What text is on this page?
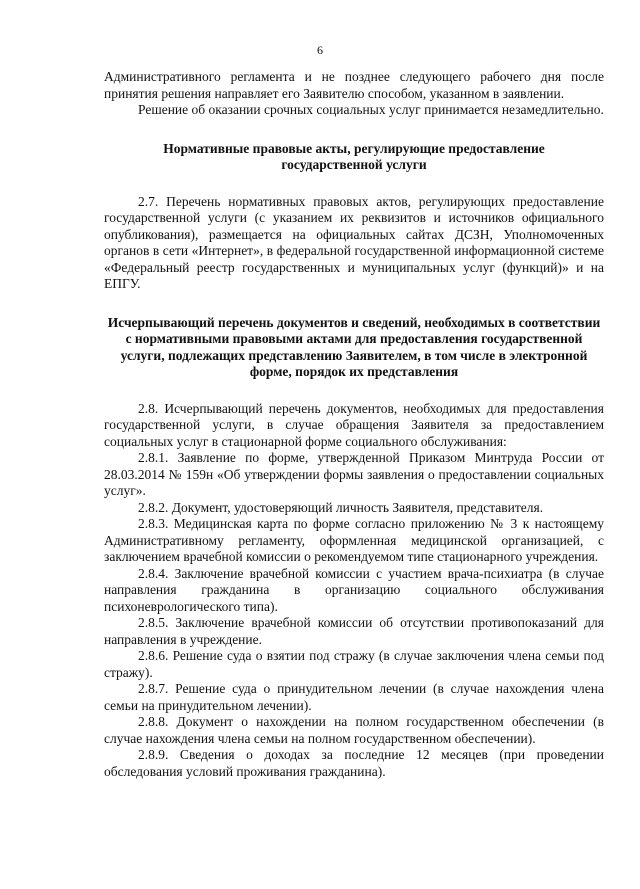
6

Административного регламента и не позднее следующего рабочего дня после принятия решения направляет его Заявителю способом, указанном в заявлении.

Решение об оказании срочных социальных услуг принимается незамедлительно.

Нормативные правовые акты, регулирующие предоставление государственной услуги

2.7. Перечень нормативных правовых актов, регулирующих предоставление государственной услуги (с указанием их реквизитов и источников официального опубликования), размещается на официальных сайтах ДСЗН, Уполномоченных органов в сети «Интернет», в федеральной государственной информационной системе «Федеральный реестр государственных и муниципальных услуг (функций)» и на ЕПГУ.

Исчерпывающий перечень документов и сведений, необходимых в соответствии с нормативными правовыми актами для предоставления государственной услуги, подлежащих представлению Заявителем, в том числе в электронной форме, порядок их представления

2.8. Исчерпывающий перечень документов, необходимых для предоставления государственной услуги, в случае обращения Заявителя за предоставлением социальных услуг в стационарной форме социального обслуживания:

2.8.1. Заявление по форме, утвержденной Приказом Минтруда России от 28.03.2014 № 159н «Об утверждении формы заявления о предоставлении социальных услуг».

2.8.2. Документ, удостоверяющий личность Заявителя, представителя.

2.8.3. Медицинская карта по форме согласно приложению № 3 к настоящему Административному регламенту, оформленная медицинской организацией, с заключением врачебной комиссии о рекомендуемом типе стационарного учреждения.

2.8.4. Заключение врачебной комиссии с участием врача-психиатра (в случае направления гражданина в организацию социального обслуживания психоневрологического типа).

2.8.5. Заключение врачебной комиссии об отсутствии противопоказаний для направления в учреждение.

2.8.6. Решение суда о взятии под стражу (в случае заключения члена семьи под стражу).

2.8.7. Решение суда о принудительном лечении (в случае нахождения члена семьи на принудительном лечении).

2.8.8. Документ о нахождении на полном государственном обеспечении (в случае нахождения члена семьи на полном государственном обеспечении).

2.8.9. Сведения о доходах за последние 12 месяцев (при проведении обследования условий проживания гражданина).
